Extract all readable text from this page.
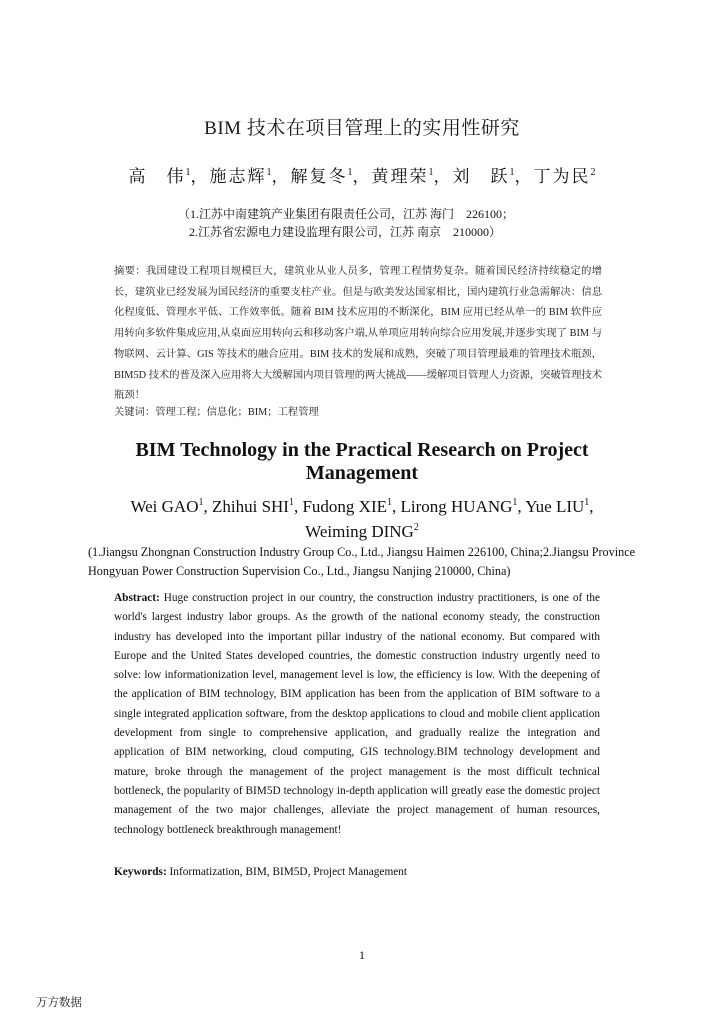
BIM 技术在项目管理上的实用性研究
高　伟$^1$，施志辉$^1$，解复冬$^1$，黄理荣$^1$，刘　跃$^1$，丁为民$^2$
（1.江苏中南建筑产业集团有限责任公司，江苏 海门　226100；
2.江苏省宏源电力建设监理有限公司，江苏 南京　210000）
摘要：我国建设工程项目规模巨大，建筑业从业人员多，管理工程情势复杂。随着国民经济持续稳定的增长，建筑业已经发展为国民经济的重要支柱产业。但是与欧美发达国家相比，国内建筑行业急需解决：信息化程度低、管理水平低、工作效率低。随着 BIM 技术应用的不断深化，BIM 应用已经从单一的 BIM 软件应用转向多软件集成应用,从桌面应用转向云和移动客户端,从单项应用转向综合应用发展,并逐步实现了 BIM 与物联网、云计算、GIS 等技术的融合应用。BIM 技术的发展和成熟，突破了项目管理最难的管理技术瓶颈，BIM5D 技术的普及深入应用将大大缓解国内项目管理的两大挑战——缓解项目管理人力资源，突破管理技术瓶颈！
关键词：管理工程；信息化；BIM；工程管理
BIM Technology in the Practical Research on Project Management
Wei GAO$^1$, Zhihui SHI$^1$, Fudong XIE$^1$, Lirong HUANG$^1$, Yue LIU$^1$, Weiming DING$^2$
(1.Jiangsu Zhongnan Construction Industry Group Co., Ltd., Jiangsu Haimen 226100, China;2.Jiangsu Province Hongyuan Power Construction Supervision Co., Ltd., Jiangsu Nanjing 210000, China)
Abstract: Huge construction project in our country, the construction industry practitioners, is one of the world's largest industry labor groups. As the growth of the national economy steady, the construction industry has developed into the important pillar industry of the national economy. But compared with Europe and the United States developed countries, the domestic construction industry urgently need to solve: low informationization level, management level is low, the efficiency is low. With the deepening of the application of BIM technology, BIM application has been from the application of BIM software to a single integrated application software, from the desktop applications to cloud and mobile client application development from single to comprehensive application, and gradually realize the integration and application of BIM networking, cloud computing, GIS technology.BIM technology development and mature, broke through the management of the project management is the most difficult technical bottleneck, the popularity of BIM5D technology in-depth application will greatly ease the domestic project management of the two major challenges, alleviate the project management of human resources, technology bottleneck breakthrough management!
Keywords: Informatization, BIM, BIM5D, Project Management
1
万方数据
